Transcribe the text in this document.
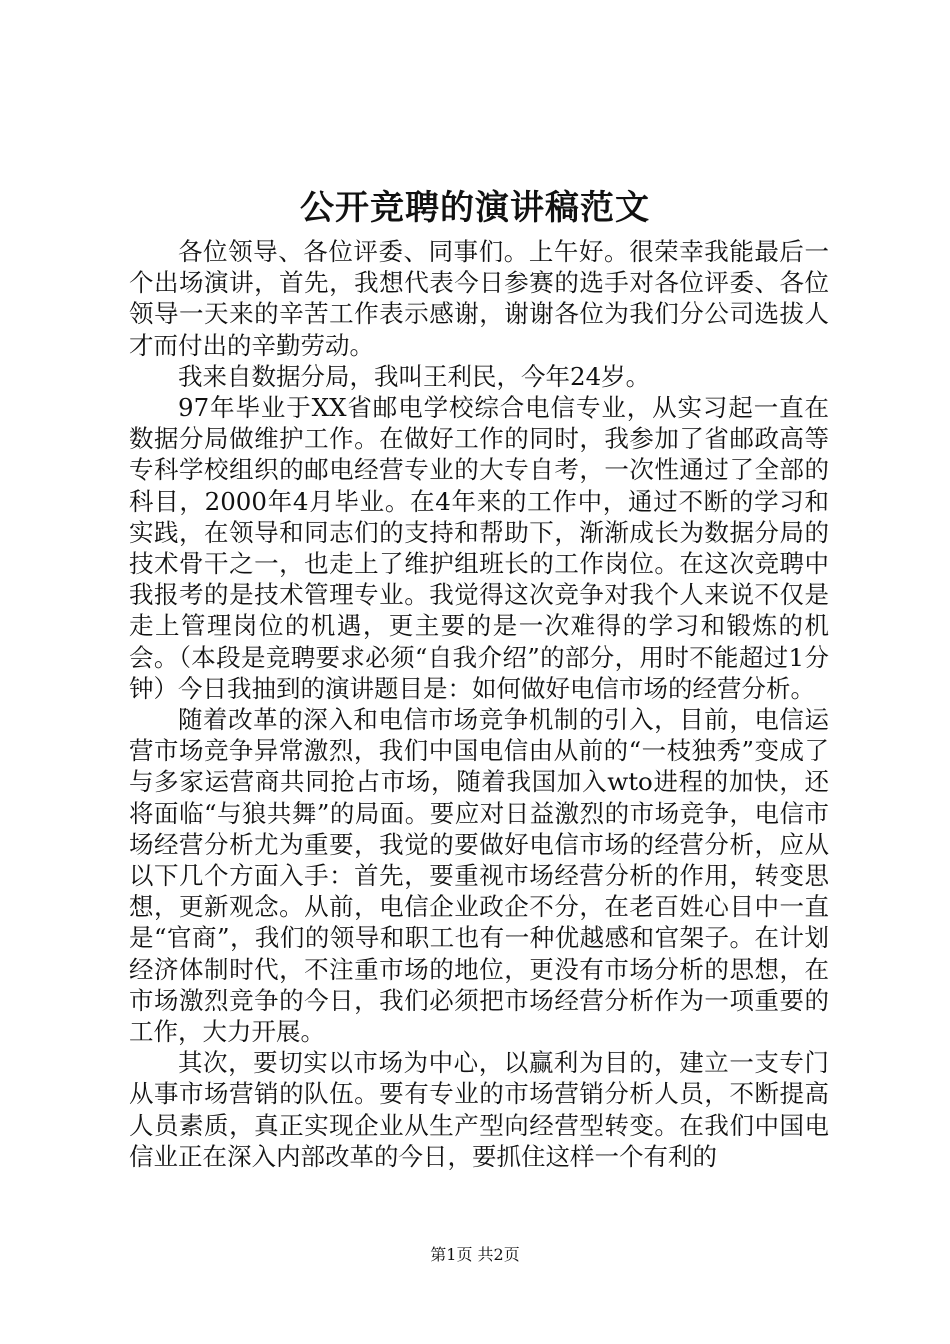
公开竞聘的演讲稿范文

各位领导、各位评委、同事们。上午好。很荣幸我能最后一个出场演讲，首先，我想代表今日参赛的选手对各位评委、各位领导一天来的辛苦工作表示感谢，谢谢各位为我们分公司选拔人才而付出的辛勤劳动。

我来自数据分局，我叫王利民，今年24岁。

97年毕业于XX省邮电学校综合电信专业，从实习起一直在数据分局做维护工作。在做好工作的同时，我参加了省邮政高等专科学校组织的邮电经营专业的大专自考，一次性通过了全部的科目，2000年4月毕业。在4年来的工作中，通过不断的学习和实践，在领导和同志们的支持和帮助下，渐渐成长为数据分局的技术骨干之一，也走上了维护组班长的工作岗位。在这次竞聘中我报考的是技术管理专业。我觉得这次竞争对我个人来说不仅是走上管理岗位的机遇，更主要的是一次难得的学习和锻炼的机会。（本段是竞聘要求必须“自我介绍”的部分，用时不能超过1分钟）今日我抽到的演讲题目是：如何做好电信市场的经营分析。

随着改革的深入和电信市场竞争机制的引入，目前，电信运营市场竞争异常激烈，我们中国电信由从前的“一枝独秀”变成了与多家运营商共同抢占市场，随着我国加入wto进程的加快，还将面临“与狼共舞”的局面。要应对日益激烈的市场竞争，电信市场经营分析尤为重要，我觉的要做好电信市场的经营分析，应从以下几个方面入手：首先，要重视市场经营分析的作用，转变思想，更新观念。从前，电信企业政企不分，在老百姓心目中一直是“官商”，我们的领导和职工也有一种优越感和官架子。在计划经济体制时代，不注重市场的地位，更没有市场分析的思想，在市场激烈竞争的今日，我们必须把市场经营分析作为一项重要的工作，大力开展。

其次，要切实以市场为中心，以赢利为目的，建立一支专门从事市场营销的队伍。要有专业的市场营销分析人员，不断提高人员素质，真正实现企业从生产型向经营型转变。在我们中国电信业正在深入内部改革的今日，要抓住这样一个有利的

第1页 共2页
